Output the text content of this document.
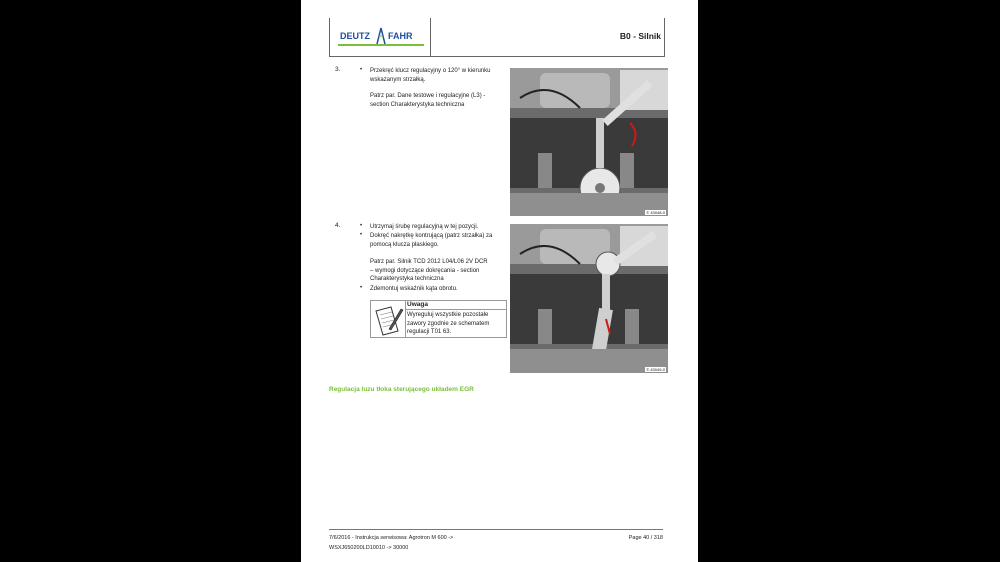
DEUTZ FAHR	B0 - Silnik
3.	• Przekręć klucz regulacyjny o 120° w kierunku
wskazanym strzałką.
Patrz par. Dane testowe i regulacyjne (L3) -
section Charakterystyka techniczna
© 43048-0
4.	• Utrzymaj śrubę regulacyjną w tej pozycji.
• Dokręć nakrętkę kontrującą (patrz strzałka) za
pomocą klucza płaskiego.
Patrz par. Silnik TCD 2012 L04/L06 2V DCR
– wymogi dotyczące dokręcania - section
Charakterystyka techniczna
• Zdemontuj wskaźnik kąta obrotu.
Uwaga
Wyreguluj wszystkie pozostałe
zawory zgodnie ze schematem
regulacji T01 63.
© 43049-0
Regulacja luzu tłoka sterującego układem EGR
7/6/2016 - Instrukcja serwisowa: Agrotron M 600 ->
WSXJ650200LD10010 -> 30000
Page 40 / 318
